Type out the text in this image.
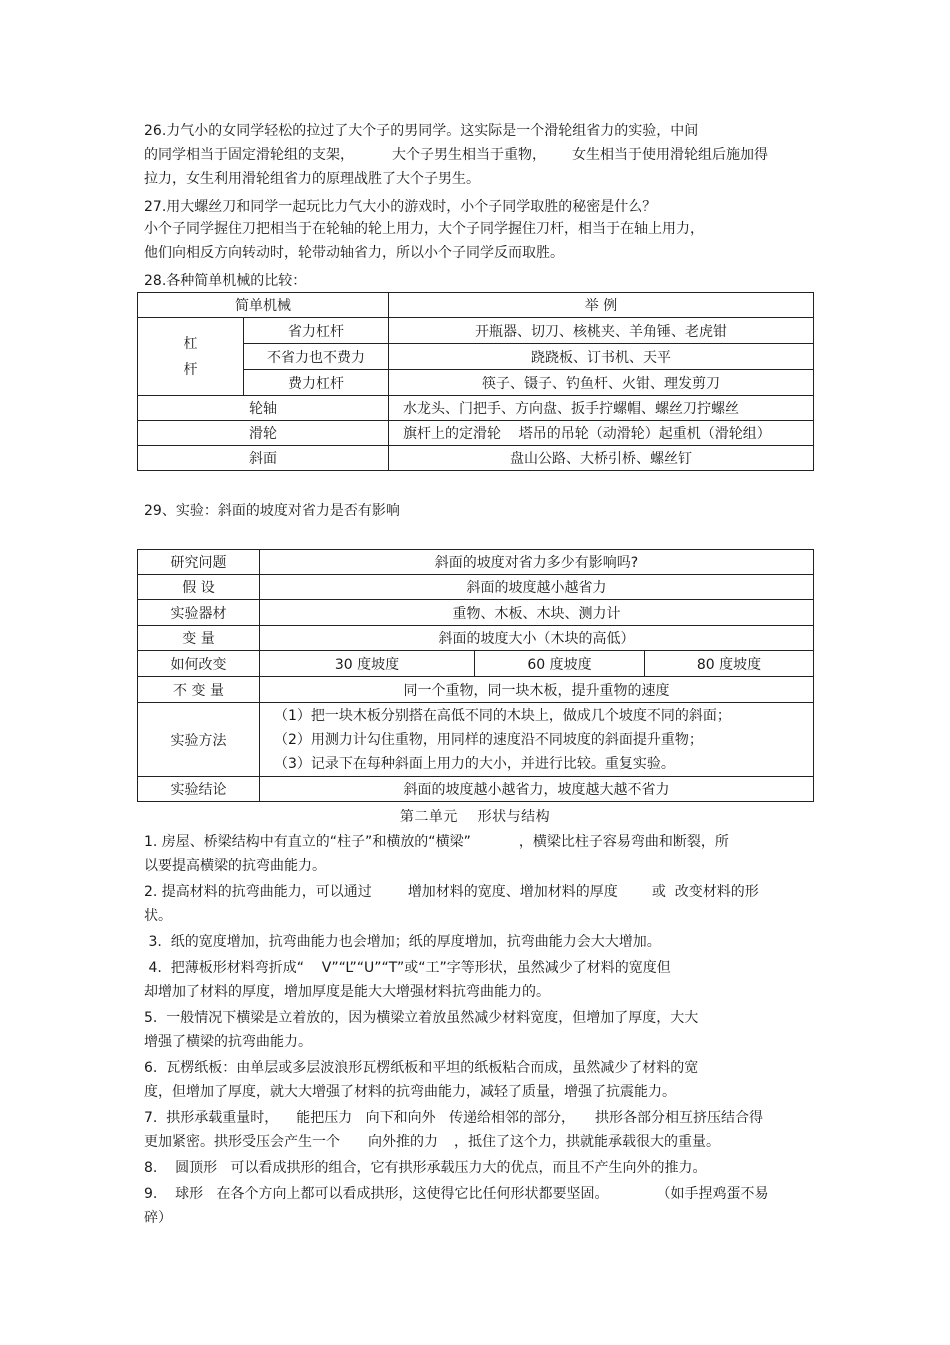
26.力气小的女同学轻松的拉过了大个子的男同学。这实际是一个滑轮组省力的实验，中间
的同学相当于固定滑轮组的支架，	大个子男生相当于重物， 女生相当于使用滑轮组后施加得
拉力，女生利用滑轮组省力的原理战胜了大个子男生。
27.用大螺丝刀和同学一起玩比力气大小的游戏时，小个子同学取胜的秘密是什么？
小个子同学握住刀把相当于在轮轴的轮上用力，大个子同学握住刀杆，相当于在轴上用力，
他们向相反方向转动时，轮带动轴省力，所以小个子同学反而取胜。
28.各种简单机械的比较：
简单机械		举 例

杠
杆	省力杠杆	开瓶器、切刀、核桃夹、羊角锤、老虎钳
	不省力也不费力	跷跷板、订书机、天平
	费力杠杆	筷子、镊子、钓鱼杆、火钳、理发剪刀
轮轴		水龙头、门把手、方向盘、扳手拧螺帽、螺丝刀拧螺丝
滑轮		旗杆上的定滑轮    塔吊的吊轮（动滑轮）起重机（滑轮组）
斜面		盘山公路、大桥引桥、螺丝钉
29、实验：斜面的坡度对省力是否有影响
研究问题	斜面的坡度对省力多少有影响吗?		
假 设	斜面的坡度越小越省力		
实验器材	重物、木板、木块、测力计		
变 量	斜面的坡度大小（木块的高低）		
如何改变	30 度坡度	60 度坡度	80 度坡度
不 变 量	同一个重物，同一块木板，提升重物的速度		
实验方法	（1）把一块木板分别搭在高低不同的木块上，做成几个坡度不同的斜面；
（2）用测力计勾住重物，用同样的速度沿不同坡度的斜面提升重物；
（3）记录下在每种斜面上用力的大小，并进行比较。重复实验。		

实验结论	斜面的坡度越小越省力，坡度越大越不省力		
第二单元    形状与结构
1. 房屋、桥梁结构中有直立的“柱子”和横放的“横梁”	，横梁比柱子容易弯曲和断裂，所
以要提高横梁的抗弯曲能力。
2. 提高材料的抗弯曲能力，可以通过	增加材料的宽度、增加材料的厚度 或  改变材料的形
状。
3.  纸的宽度增加，抗弯曲能力也会增加；纸的厚度增加，抗弯曲能力会大大增加。
4.  把薄板形材料弯折成“    V”“L”“U”“T”或“工”字等形状，虽然减少了材料的宽度但
却增加了材料的厚度，增加厚度是能大大增强材料抗弯曲能力的。
5.  一般情况下横梁是立着放的，因为横梁立着放虽然减少材料宽度，但增加了厚度，大大
增强了横梁的抗弯曲能力。
6.  瓦楞纸板：由单层或多层波浪形瓦楞纸板和平坦的纸板粘合而成，虽然减少了材料的宽
度，但增加了厚度，就大大增强了材料的抗弯曲能力，减轻了质量，增强了抗震能力。
7.  拱形承载重量时， 能把压力   向下和向外   传递给相邻的部分， 拱形各部分相互挤压结合得
更加紧密。拱形受压会产生一个 向外推的力 ，抵住了这个力，拱就能承载很大的重量。
8.    圆顶形   可以看成拱形的组合，它有拱形承载压力大的优点，而且不产生向外的推力。
9.    球形   在各个方向上都可以看成拱形，这使得它比任何形状都要坚固。	（如手捏鸡蛋不易
碎）
